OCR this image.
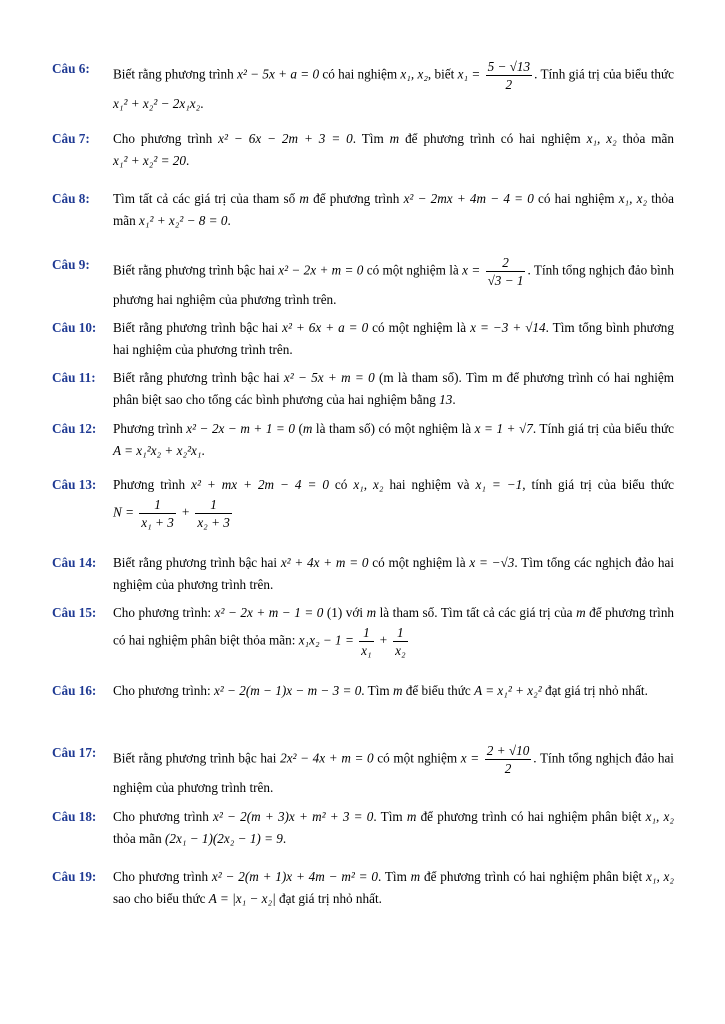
Câu 6:	Biết rằng phương trình x² − 5x + a = 0 có hai nghiệm x₁, x₂, biết $x_1 = \frac{5 - √13}{2}$ . Tính giá trị của biểu thức x₁² + x₂² − 2x₁x₂.
Câu 7:	Cho phương trình x² − 6x − 2m + 3 = 0. Tìm m để phương trình có hai nghiệm x₁, x₂ thỏa mãn x₁² + x₂² = 20.
Câu 8:	Tìm tất cả các giá trị của tham số m để phương trình x² − 2mx + 4m − 4 = 0 có hai nghiệm x₁, x₂ thỏa mãn x₁² + x₂² − 8 = 0.
Câu 9:	Biết rằng phương trình bậc hai x² − 2x + m = 0 có một nghiệm là $x = \frac{2}{√3 - 1}$ . Tính tổng nghịch đảo bình phương hai nghiệm của phương trình trên.
Câu 10:	Biết rằng phương trình bậc hai x² + 6x + a = 0 có một nghiệm là x = −3 + √14. Tìm tổng bình phương hai nghiệm của phương trình trên.
Câu 11:	Biết rằng phương trình bậc hai x² − 5x + m = 0 (m là tham số). Tìm m để phương trình có hai nghiệm phân biệt sao cho tổng các bình phương của hai nghiệm bằng 13.
Câu 12:	Phương trình x² − 2x − m + 1 = 0 (m là tham số) có một nghiệm là x = 1 + √7. Tính giá trị của biểu thức A = x₁²x₂ + x₂²x₁.
Câu 13:	Phương trình x² + mx + 2m − 4 = 0 có x₁, x₂ hai nghiệm và x₁ = −1, tính giá trị của biểu thức $N = \frac{1}{\text{x₁ + 3}} + \frac{1}{\text{x₂ + 3}}$
Câu 14:	Biết rằng phương trình bậc hai x² + 4x + m = 0 có một nghiệm là x = −√3. Tìm tổng các nghịch đảo hai nghiệm của phương trình trên.
Câu 15:	Cho phương trình: x² − 2x + m − 1 = 0 (1) với m là tham số. Tìm tất cả các giá trị của m để phương trình có hai nghiệm phân biệt thỏa mãn: $x_1x_2 - 1 = \frac{1}{\text{x₁}} + \frac{1}{\text{x₂}}$
Câu 16:	Cho phương trình: x² − 2(m − 1)x − m − 3 = 0. Tìm m để biểu thức A = x₁² + x₂² đạt giá trị nhỏ nhất.
Câu 17:	Biết rằng phương trình bậc hai 2x² − 4x + m = 0 có một nghiệm $x = \frac{2 + √10}{2}$ . Tính tổng nghịch đảo hai nghiệm của phương trình trên.
Câu 18:	Cho phương trình x² − 2(m + 3)x + m² + 3 = 0. Tìm m để phương trình có hai nghiệm phân biệt x₁, x₂ thỏa mãn (2x₁ − 1)(2x₂ − 1) = 9.
Câu 19:	Cho phương trình x² − 2(m + 1)x + 4m − m² = 0. Tìm m để phương trình có hai nghiệm phân biệt x₁, x₂ sao cho biểu thức A = |x₁ − x₂| đạt giá trị nhỏ nhất.
